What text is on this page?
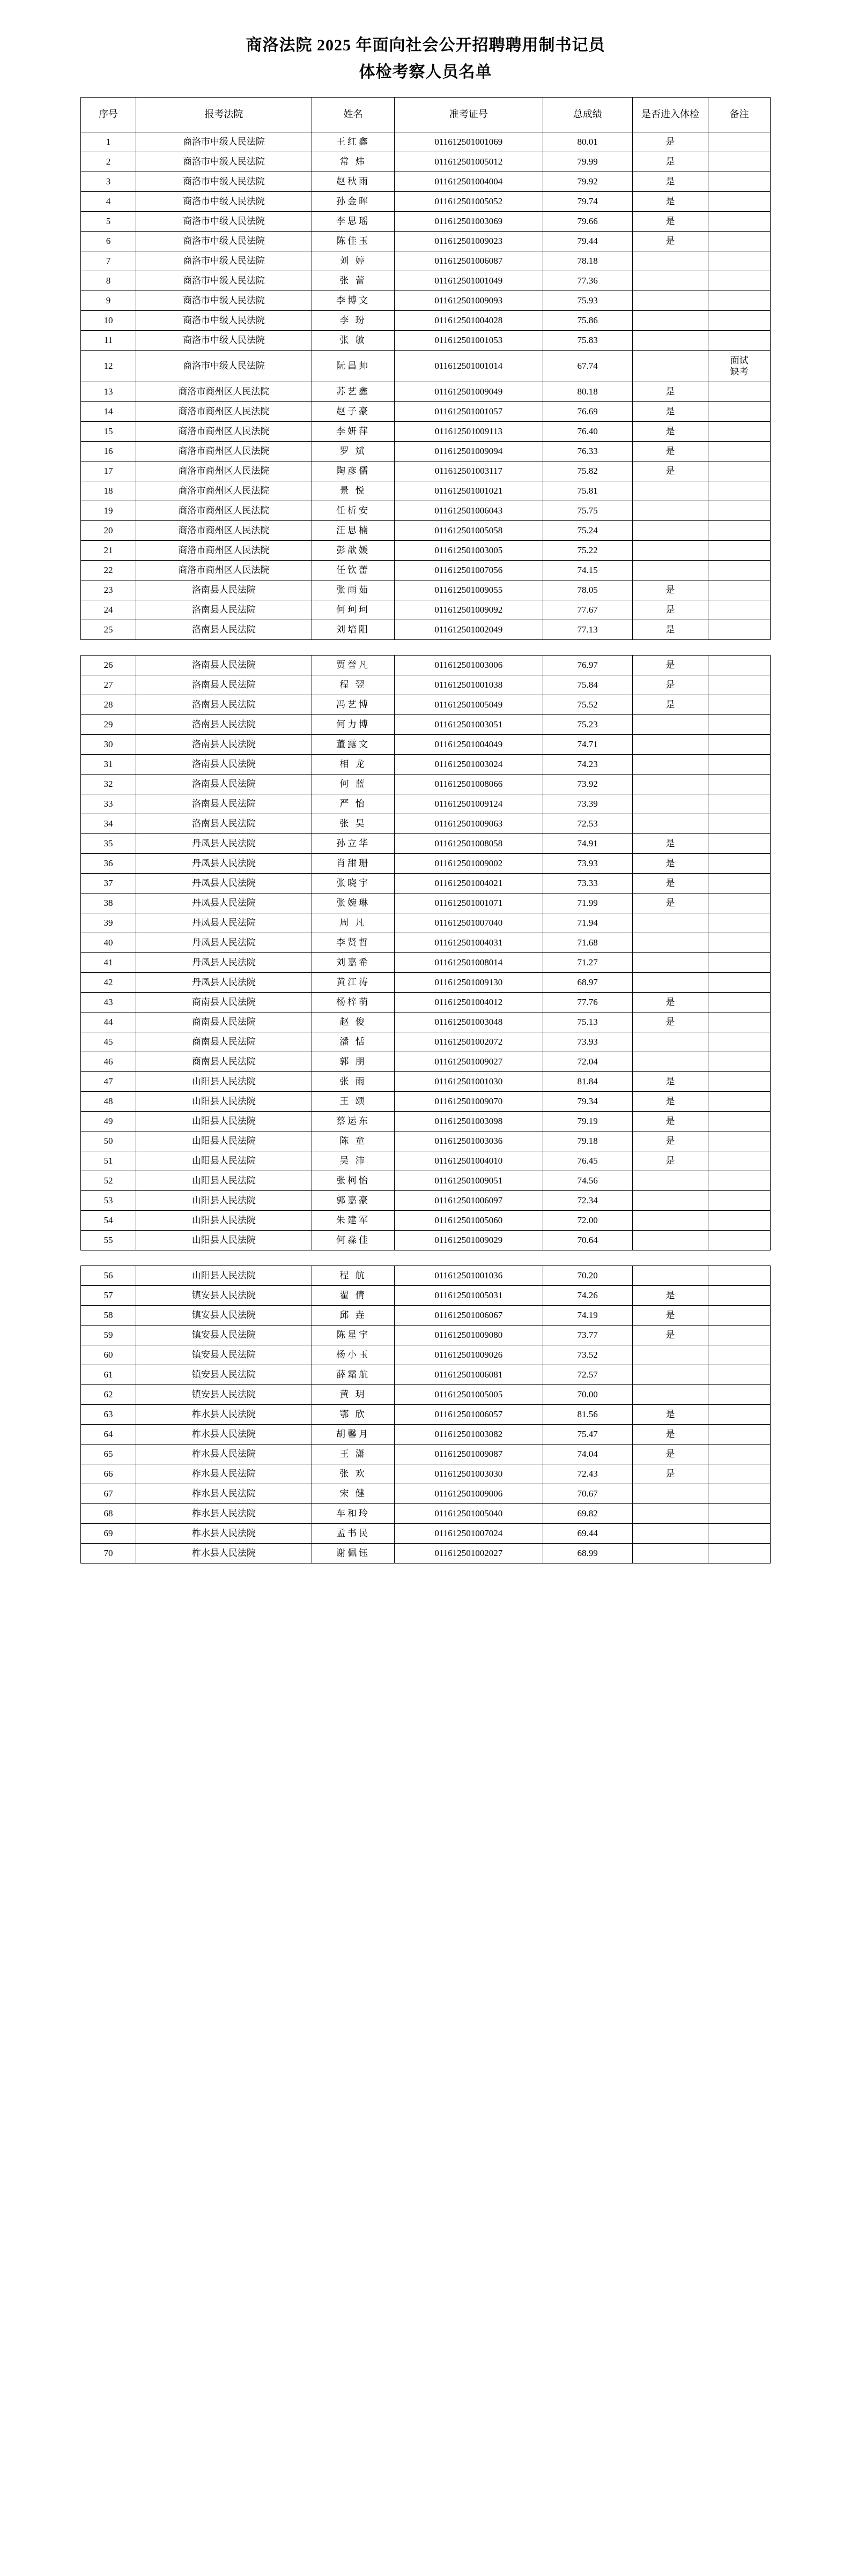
商洛法院 2025 年面向社会公开招聘聘用制书记员
体检考察人员名单
序号	报考法院	姓名	准考证号	总成绩	是否进入体检	备注
1	商洛市中级人民法院	王红鑫	011612501001069	80.01	是	
2	商洛市中级人民法院	常 炜	011612501005012	79.99	是	
3	商洛市中级人民法院	赵秋雨	011612501004004	79.92	是	
4	商洛市中级人民法院	孙金晖	011612501005052	79.74	是	
5	商洛市中级人民法院	李思瑶	011612501003069	79.66	是	
6	商洛市中级人民法院	陈佳玉	011612501009023	79.44	是	
7	商洛市中级人民法院	刘 婷	011612501006087	78.18		
8	商洛市中级人民法院	张 蕾	011612501001049	77.36		
9	商洛市中级人民法院	李博文	011612501009093	75.93		
10	商洛市中级人民法院	李 玢	011612501004028	75.86		
11	商洛市中级人民法院	张 敏	011612501001053	75.83		
12	商洛市中级人民法院	阮昌帅	011612501001014	67.74		面试
缺考
13	商洛市商州区人民法院	苏艺鑫	011612501009049	80.18	是	
14	商洛市商州区人民法院	赵子豪	011612501001057	76.69	是	
15	商洛市商州区人民法院	李妍萍	011612501009113	76.40	是	
16	商洛市商州区人民法院	罗 斌	011612501009094	76.33	是	
17	商洛市商州区人民法院	陶彦儒	011612501003117	75.82	是	
18	商洛市商州区人民法院	景 悦	011612501001021	75.81		
19	商洛市商州区人民法院	任析安	011612501006043	75.75		
20	商洛市商州区人民法院	汪思楠	011612501005058	75.24		
21	商洛市商州区人民法院	彭歆媛	011612501003005	75.22		
22	商洛市商州区人民法院	任钦蕾	011612501007056	74.15		
23	洛南县人民法院	张雨茹	011612501009055	78.05	是	
24	洛南县人民法院	何珂珂	011612501009092	77.67	是	
25	洛南县人民法院	刘培阳	011612501002049	77.13	是	

26	洛南县人民法院	贾誉凡	011612501003006	76.97	是	
27	洛南县人民法院	程 翌	011612501001038	75.84	是	
28	洛南县人民法院	冯艺博	011612501005049	75.52	是	
29	洛南县人民法院	何力博	011612501003051	75.23		
30	洛南县人民法院	董露文	011612501004049	74.71		
31	洛南县人民法院	相 龙	011612501003024	74.23		
32	洛南县人民法院	何 蓝	011612501008066	73.92		
33	洛南县人民法院	严 怡	011612501009124	73.39		
34	洛南县人民法院	张 昊	011612501009063	72.53		
35	丹凤县人民法院	孙立华	011612501008058	74.91	是	
36	丹凤县人民法院	肖甜珊	011612501009002	73.93	是	
37	丹凤县人民法院	张晓宇	011612501004021	73.33	是	
38	丹凤县人民法院	张婉琳	011612501001071	71.99	是	
39	丹凤县人民法院	周 凡	011612501007040	71.94		
40	丹凤县人民法院	李贤哲	011612501004031	71.68		
41	丹凤县人民法院	刘嘉希	011612501008014	71.27		
42	丹凤县人民法院	黄江涛	011612501009130	68.97		
43	商南县人民法院	杨梓萌	011612501004012	77.76	是	
44	商南县人民法院	赵 俊	011612501003048	75.13	是	
45	商南县人民法院	潘 恬	011612501002072	73.93		
46	商南县人民法院	郭 朋	011612501009027	72.04		
47	山阳县人民法院	张 雨	011612501001030	81.84	是	
48	山阳县人民法院	王 颂	011612501009070	79.34	是	
49	山阳县人民法院	蔡运东	011612501003098	79.19	是	
50	山阳县人民法院	陈 童	011612501003036	79.18	是	
51	山阳县人民法院	吴 沛	011612501004010	76.45	是	
52	山阳县人民法院	张柯怡	011612501009051	74.56		
53	山阳县人民法院	郭嘉豪	011612501006097	72.34		
54	山阳县人民法院	朱建军	011612501005060	72.00		
55	山阳县人民法院	何淼佳	011612501009029	70.64		

56	山阳县人民法院	程 航	011612501001036	70.20		
57	镇安县人民法院	翟 倩	011612501005031	74.26	是	
58	镇安县人民法院	邱 垚	011612501006067	74.19	是	
59	镇安县人民法院	陈星宇	011612501009080	73.77	是	
60	镇安县人民法院	杨小玉	011612501009026	73.52		
61	镇安县人民法院	薛霜航	011612501006081	72.57		
62	镇安县人民法院	黄 玥	011612501005005	70.00		
63	柞水县人民法院	鄂 欣	011612501006057	81.56	是	
64	柞水县人民法院	胡馨月	011612501003082	75.47	是	
65	柞水县人民法院	王 潇	011612501009087	74.04	是	
66	柞水县人民法院	张 欢	011612501003030	72.43	是	
67	柞水县人民法院	宋 健	011612501009006	70.67		
68	柞水县人民法院	车和玲	011612501005040	69.82		
69	柞水县人民法院	孟书民	011612501007024	69.44		
70	柞水县人民法院	谢佩钰	011612501002027	68.99		
